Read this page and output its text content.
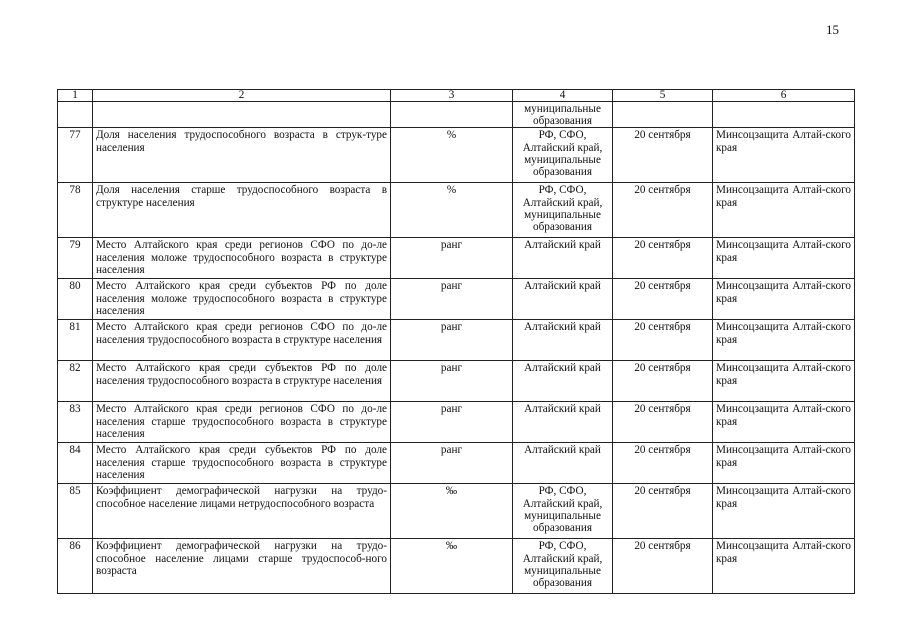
15
1	2	3	4	5	6
			муниципальные образования		
77	Доля населения трудоспособного возраста в струк-туре населения	%	РФ, СФО, Алтайский край, муниципальные образования	20 сентября	Минсоцзащита Алтай-ского края
78	Доля населения старше трудоспособного возраста в структуре населения	%	РФ, СФО, Алтайский край, муниципальные образования	20 сентября	Минсоцзащита Алтай-ского края
79	Место Алтайского края среди регионов СФО по до-ле населения моложе трудоспособного возраста в структуре населения	ранг	Алтайский край	20 сентября	Минсоцзащита Алтай-ского края
80	Место Алтайского края среди субъектов РФ по доле населения моложе трудоспособного возраста в структуре населения	ранг	Алтайский край	20 сентября	Минсоцзащита Алтай-ского края
81	Место Алтайского края среди регионов СФО по до-ле населения трудоспособного возраста в структуре населения	ранг	Алтайский край	20 сентября	Минсоцзащита Алтай-ского края
82	Место Алтайского края среди субъектов РФ по доле населения трудоспособного возраста в структуре населения	ранг	Алтайский край	20 сентября	Минсоцзащита Алтай-ского края
83	Место Алтайского края среди регионов СФО по до-ле населения старше трудоспособного возраста в структуре населения	ранг	Алтайский край	20 сентября	Минсоцзащита Алтай-ского края
84	Место Алтайского края среди субъектов РФ по доле населения старше трудоспособного возраста в структуре населения	ранг	Алтайский край	20 сентября	Минсоцзащита Алтай-ского края
85	Коэффициент демографической нагрузки на трудо-способное население лицами нетрудоспособного возраста	‰	РФ, СФО, Алтайский край, муниципальные образования	20 сентября	Минсоцзащита Алтай-ского края
86	Коэффициент демографической нагрузки на трудо-способное население лицами старше трудоспособ-ного возраста	‰	РФ, СФО, Алтайский край, муниципальные образования	20 сентября	Минсоцзащита Алтай-ского края
